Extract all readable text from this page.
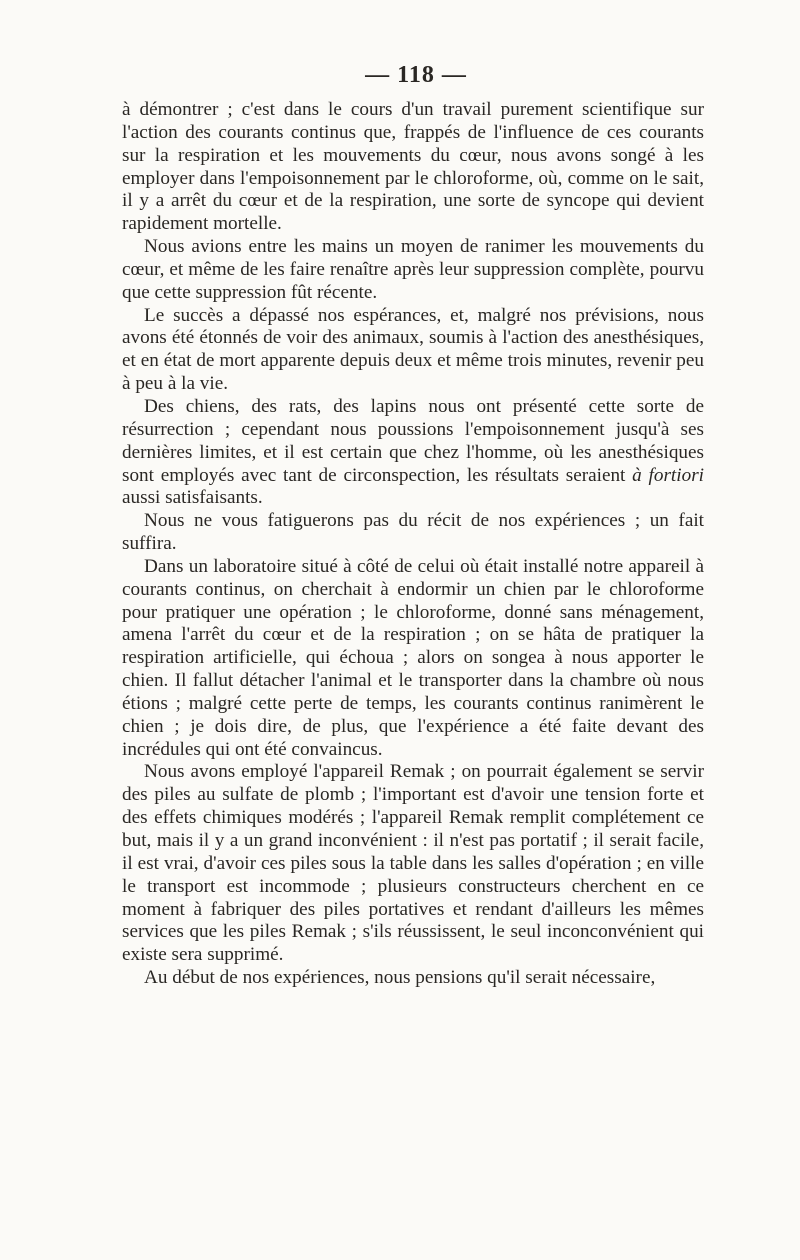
— 118 —

à démontrer ; c'est dans le cours d'un travail purement scientifique sur l'action des courants continus que, frappés de l'influence de ces courants sur la respiration et les mouvements du cœur, nous avons songé à les employer dans l'empoisonnement par le chloroforme, où, comme on le sait, il y a arrêt du cœur et de la respiration, une sorte de syncope qui devient rapidement mortelle.

Nous avions entre les mains un moyen de ranimer les mouvements du cœur, et même de les faire renaître après leur suppression complète, pourvu que cette suppression fût récente.

Le succès a dépassé nos espérances, et, malgré nos prévisions, nous avons été étonnés de voir des animaux, soumis à l'action des anesthésiques, et en état de mort apparente depuis deux et même trois minutes, revenir peu à peu à la vie.

Des chiens, des rats, des lapins nous ont présenté cette sorte de résurrection ; cependant nous poussions l'empoisonnement jusqu'à ses dernières limites, et il est certain que chez l'homme, où les anesthésiques sont employés avec tant de circonspection, les résultats seraient à fortiori aussi satisfaisants.

Nous ne vous fatiguerons pas du récit de nos expériences ; un fait suffira.

Dans un laboratoire situé à côté de celui où était installé notre appareil à courants continus, on cherchait à endormir un chien par le chloroforme pour pratiquer une opération ; le chloroforme, donné sans ménagement, amena l'arrêt du cœur et de la respiration ; on se hâta de pratiquer la respiration artificielle, qui échoua ; alors on songea à nous apporter le chien. Il fallut détacher l'animal et le transporter dans la chambre où nous étions ; malgré cette perte de temps, les courants continus ranimèrent le chien ; je dois dire, de plus, que l'expérience a été faite devant des incrédules qui ont été convaincus.

Nous avons employé l'appareil Remak ; on pourrait également se servir des piles au sulfate de plomb ; l'important est d'avoir une tension forte et des effets chimiques modérés ; l'appareil Remak remplit complétement ce but, mais il y a un grand inconvénient : il n'est pas portatif ; il serait facile, il est vrai, d'avoir ces piles sous la table dans les salles d'opération ; en ville le transport est incommode ; plusieurs constructeurs cherchent en ce moment à fabriquer des piles portatives et rendant d'ailleurs les mêmes services que les piles Remak ; s'ils réussissent, le seul inconconvénient qui existe sera supprimé.

Au début de nos expériences, nous pensions qu'il serait nécessaire,
